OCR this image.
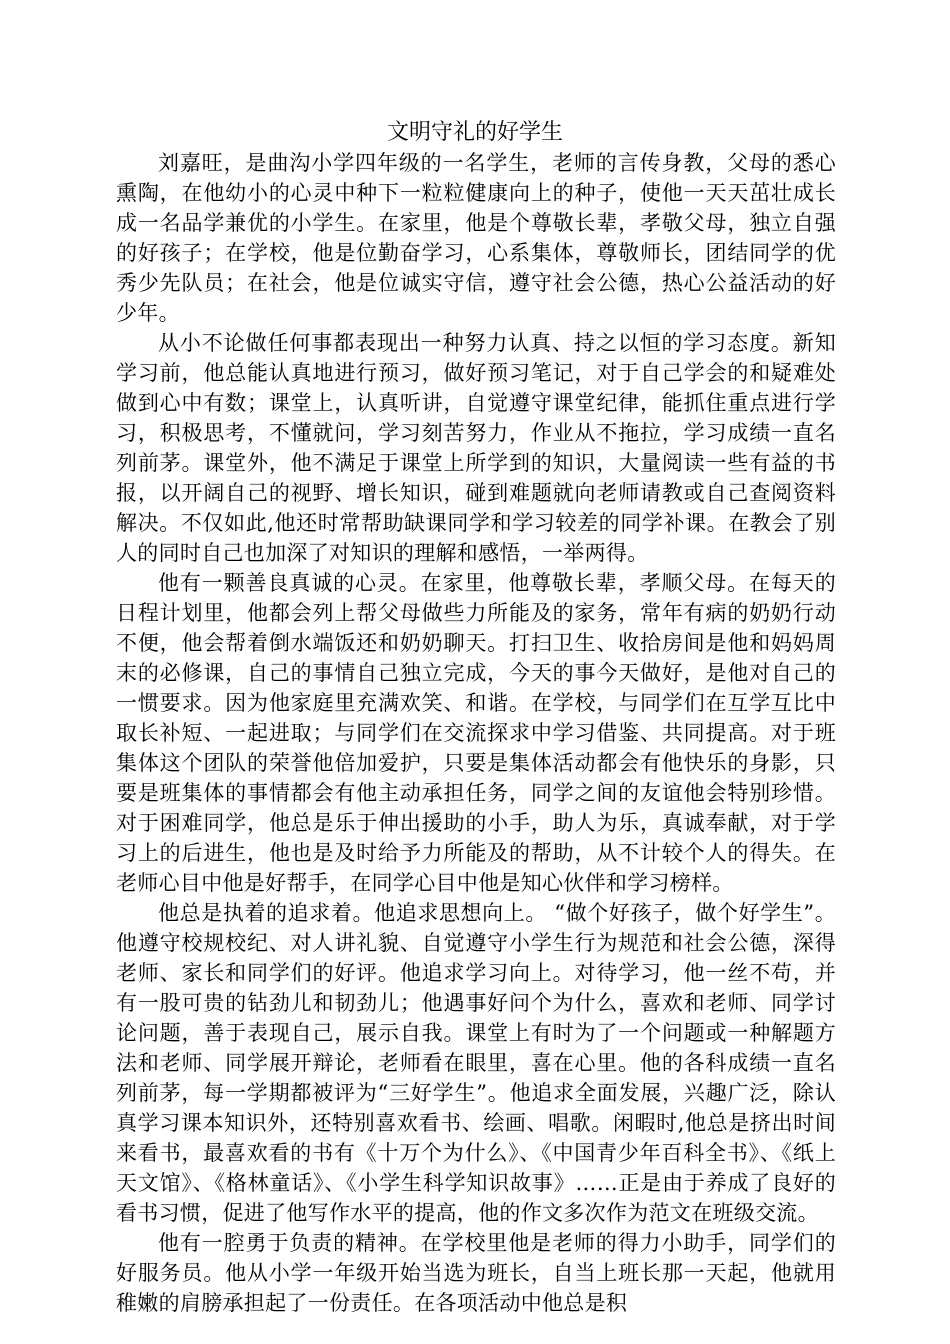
文明守礼的好学生

刘嘉旺，是曲沟小学四年级的一名学生，老师的言传身教，父母的悉心熏陶，在他幼小的心灵中种下一粒粒健康向上的种子，使他一天天茁壮成长成一名品学兼优的小学生。在家里，他是个尊敬长辈，孝敬父母，独立自强的好孩子；在学校，他是位勤奋学习，心系集体，尊敬师长，团结同学的优秀少先队员；在社会，他是位诚实守信，遵守社会公德，热心公益活动的好少年。

从小不论做任何事都表现出一种努力认真、持之以恒的学习态度。新知学习前，他总能认真地进行预习，做好预习笔记，对于自己学会的和疑难处做到心中有数；课堂上，认真听讲，自觉遵守课堂纪律，能抓住重点进行学习，积极思考，不懂就问，学习刻苦努力，作业从不拖拉，学习成绩一直名列前茅。课堂外，他不满足于课堂上所学到的知识，大量阅读一些有益的书报，以开阔自己的视野、增长知识，碰到难题就向老师请教或自己查阅资料解决。不仅如此,他还时常帮助缺课同学和学习较差的同学补课。在教会了别人的同时自己也加深了对知识的理解和感悟，一举两得。

他有一颗善良真诚的心灵。在家里，他尊敬长辈，孝顺父母。在每天的日程计划里，他都会列上帮父母做些力所能及的家务，常年有病的奶奶行动不便，他会帮着倒水端饭还和奶奶聊天。打扫卫生、收拾房间是他和妈妈周末的必修课，自己的事情自己独立完成，今天的事今天做好，是他对自己的一惯要求。因为他家庭里充满欢笑、和谐。在学校，与同学们在互学互比中取长补短、一起进取；与同学们在交流探求中学习借鉴、共同提高。对于班集体这个团队的荣誉他倍加爱护，只要是集体活动都会有他快乐的身影，只要是班集体的事情都会有他主动承担任务，同学之间的友谊他会特别珍惜。对于困难同学，他总是乐于伸出援助的小手，助人为乐，真诚奉献，对于学习上的后进生，他也是及时给予力所能及的帮助，从不计较个人的得失。在老师心目中他是好帮手，在同学心目中他是知心伙伴和学习榜样。

他总是执着的追求着。他追求思想向上。 “做个好孩子，做个好学生”。他遵守校规校纪、对人讲礼貌、自觉遵守小学生行为规范和社会公德，深得老师、家长和同学们的好评。他追求学习向上。对待学习，他一丝不苟，并有一股可贵的钻劲儿和韧劲儿；他遇事好问个为什么，喜欢和老师、同学讨论问题，善于表现自己，展示自我。课堂上有时为了一个问题或一种解题方法和老师、同学展开辩论，老师看在眼里，喜在心里。他的各科成绩一直名列前茅，每一学期都被评为“三好学生”。他追求全面发展，兴趣广泛，除认真学习课本知识外，还特别喜欢看书、绘画、唱歌。闲暇时,他总是挤出时间来看书，最喜欢看的书有《十万个为什么》、《中国青少年百科全书》、《纸上天文馆》、《格林童话》、《小学生科学知识故事》……正是由于养成了良好的看书习惯，促进了他写作水平的提高，他的作文多次作为范文在班级交流。

他有一腔勇于负责的精神。在学校里他是老师的得力小助手，同学们的好服务员。他从小学一年级开始当选为班长，自当上班长那一天起，他就用稚嫩的肩膀承担起了一份责任。在各项活动中他总是积
